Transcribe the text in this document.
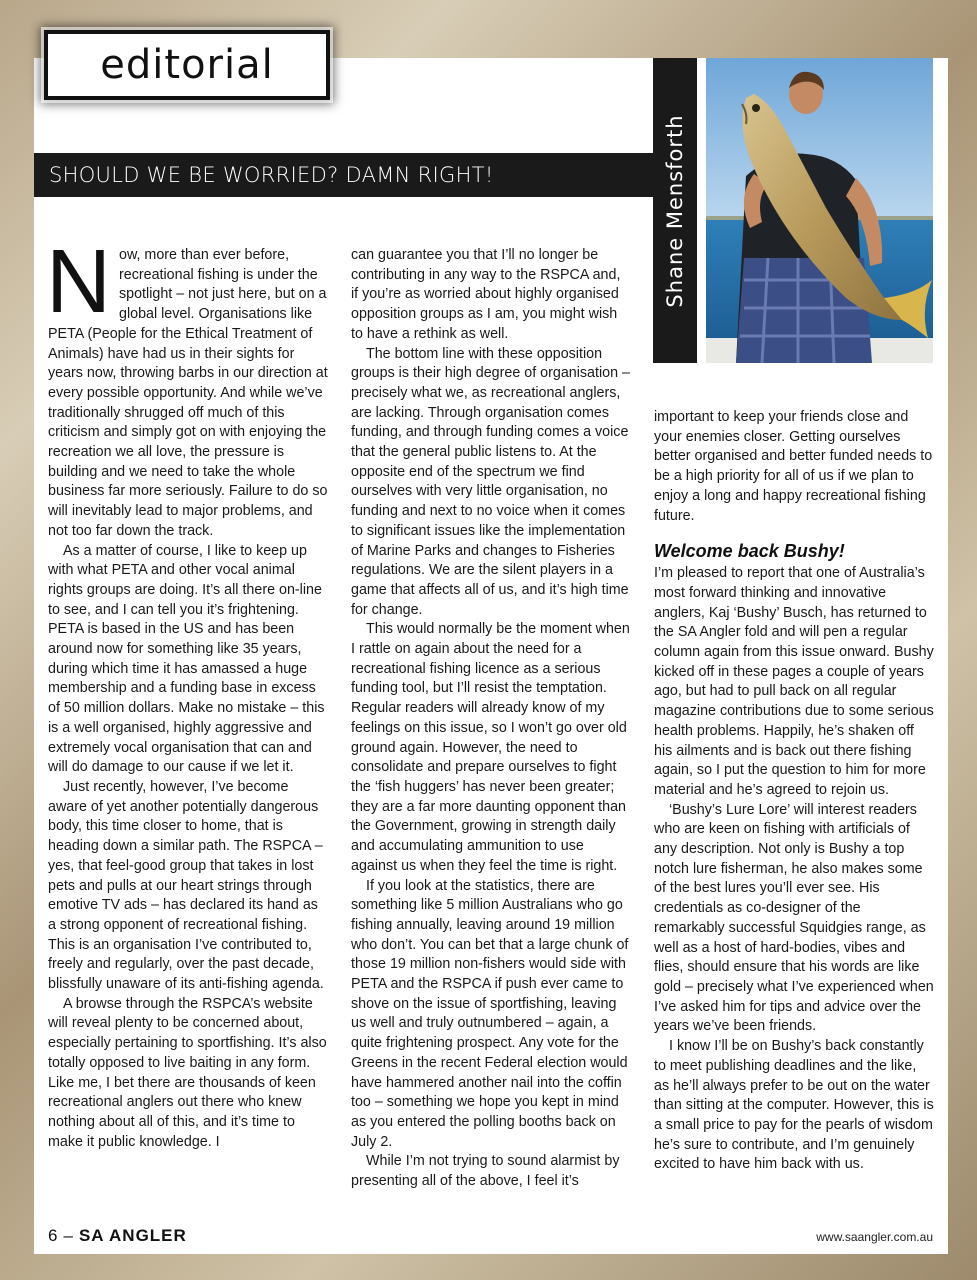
editorial
SHOULD WE BE WORRIED? DAMN RIGHT!	Shane Mensforth
N ow, more than ever before, recreational fishing is under the spotlight – not just here, but on a global level. Organisations like PETA (People for the Ethical Treatment of Animals) have had us in their sights for years now, throwing barbs in our direction at every possible opportunity. And while we’ve traditionally shrugged off much of this criticism and simply got on with enjoying the recreation we all love, the pressure is building and we need to take the whole business far more seriously. Failure to do so will inevitably lead to major problems, and not too far down the track.

As a matter of course, I like to keep up with what PETA and other vocal animal rights groups are doing. It’s all there on-line to see, and I can tell you it’s frightening. PETA is based in the US and has been around now for something like 35 years, during which time it has amassed a huge membership and a funding base in excess of 50 million dollars. Make no mistake – this is a well organised, highly aggressive and extremely vocal organisation that can and will do damage to our cause if we let it.

Just recently, however, I’ve become aware of yet another potentially dangerous body, this time closer to home, that is heading down a similar path. The RSPCA – yes, that feel-good group that takes in lost pets and pulls at our heart strings through emotive TV ads – has declared its hand as a strong opponent of recreational fishing. This is an organisation I’ve contributed to, freely and regularly, over the past decade, blissfully unaware of its anti-fishing agenda.

A browse through the RSPCA’s website will reveal plenty to be concerned about, especially pertaining to sportfishing. It’s also totally opposed to live baiting in any form. Like me, I bet there are thousands of keen recreational anglers out there who knew nothing about all of this, and it’s time to make it public knowledge. I

can guarantee you that I’ll no longer be contributing in any way to the RSPCA and, if you’re as worried about highly organised opposition groups as I am, you might wish to have a rethink as well.

The bottom line with these opposition groups is their high degree of organisation – precisely what we, as recreational anglers, are lacking. Through organisation comes funding, and through funding comes a voice that the general public listens to. At the opposite end of the spectrum we find ourselves with very little organisation, no funding and next to no voice when it comes to significant issues like the implementation of Marine Parks and changes to Fisheries regulations. We are the silent players in a game that affects all of us, and it’s high time for change.

This would normally be the moment when I rattle on again about the need for a recreational fishing licence as a serious funding tool, but I’ll resist the temptation. Regular readers will already know of my feelings on this issue, so I won’t go over old ground again. However, the need to consolidate and prepare ourselves to fight the ‘fish huggers’ has never been greater; they are a far more daunting opponent than the Government, growing in strength daily and accumulating ammunition to use against us when they feel the time is right.

If you look at the statistics, there are something like 5 million Australians who go fishing annually, leaving around 19 million who don’t. You can bet that a large chunk of those 19 million non-fishers would side with PETA and the RSPCA if push ever came to shove on the issue of sportfishing, leaving us well and truly outnumbered – again, a quite frightening prospect. Any vote for the Greens in the recent Federal election would have hammered another nail into the coffin too – something we hope you kept in mind as you entered the polling booths back on July 2.

While I’m not trying to sound alarmist by presenting all of the above, I feel it’s

important to keep your friends close and your enemies closer. Getting ourselves better organised and better funded needs to be a high priority for all of us if we plan to enjoy a long and happy recreational fishing future.

Welcome back Bushy!

I’m pleased to report that one of Australia’s most forward thinking and innovative anglers, Kaj ‘Bushy’ Busch, has returned to the SA Angler fold and will pen a regular column again from this issue onward. Bushy kicked off in these pages a couple of years ago, but had to pull back on all regular magazine contributions due to some serious health problems. Happily, he’s shaken off his ailments and is back out there fishing again, so I put the question to him for more material and he’s agreed to rejoin us.

‘Bushy’s Lure Lore’ will interest readers who are keen on fishing with artificials of any description. Not only is Bushy a top notch lure fisherman, he also makes some of the best lures you’ll ever see. His credentials as co-designer of the remarkably successful Squidgies range, as well as a host of hard-bodies, vibes and flies, should ensure that his words are like gold – precisely what I’ve experienced when I’ve asked him for tips and advice over the years we’ve been friends.

I know I’ll be on Bushy’s back constantly to meet publishing deadlines and the like, as he’ll always prefer to be out on the water than sitting at the computer. However, this is a small price to pay for the pearls of wisdom he’s sure to contribute, and I’m genuinely excited to have him back with us.

6 – SA ANGLER	www.saangler.com.au
